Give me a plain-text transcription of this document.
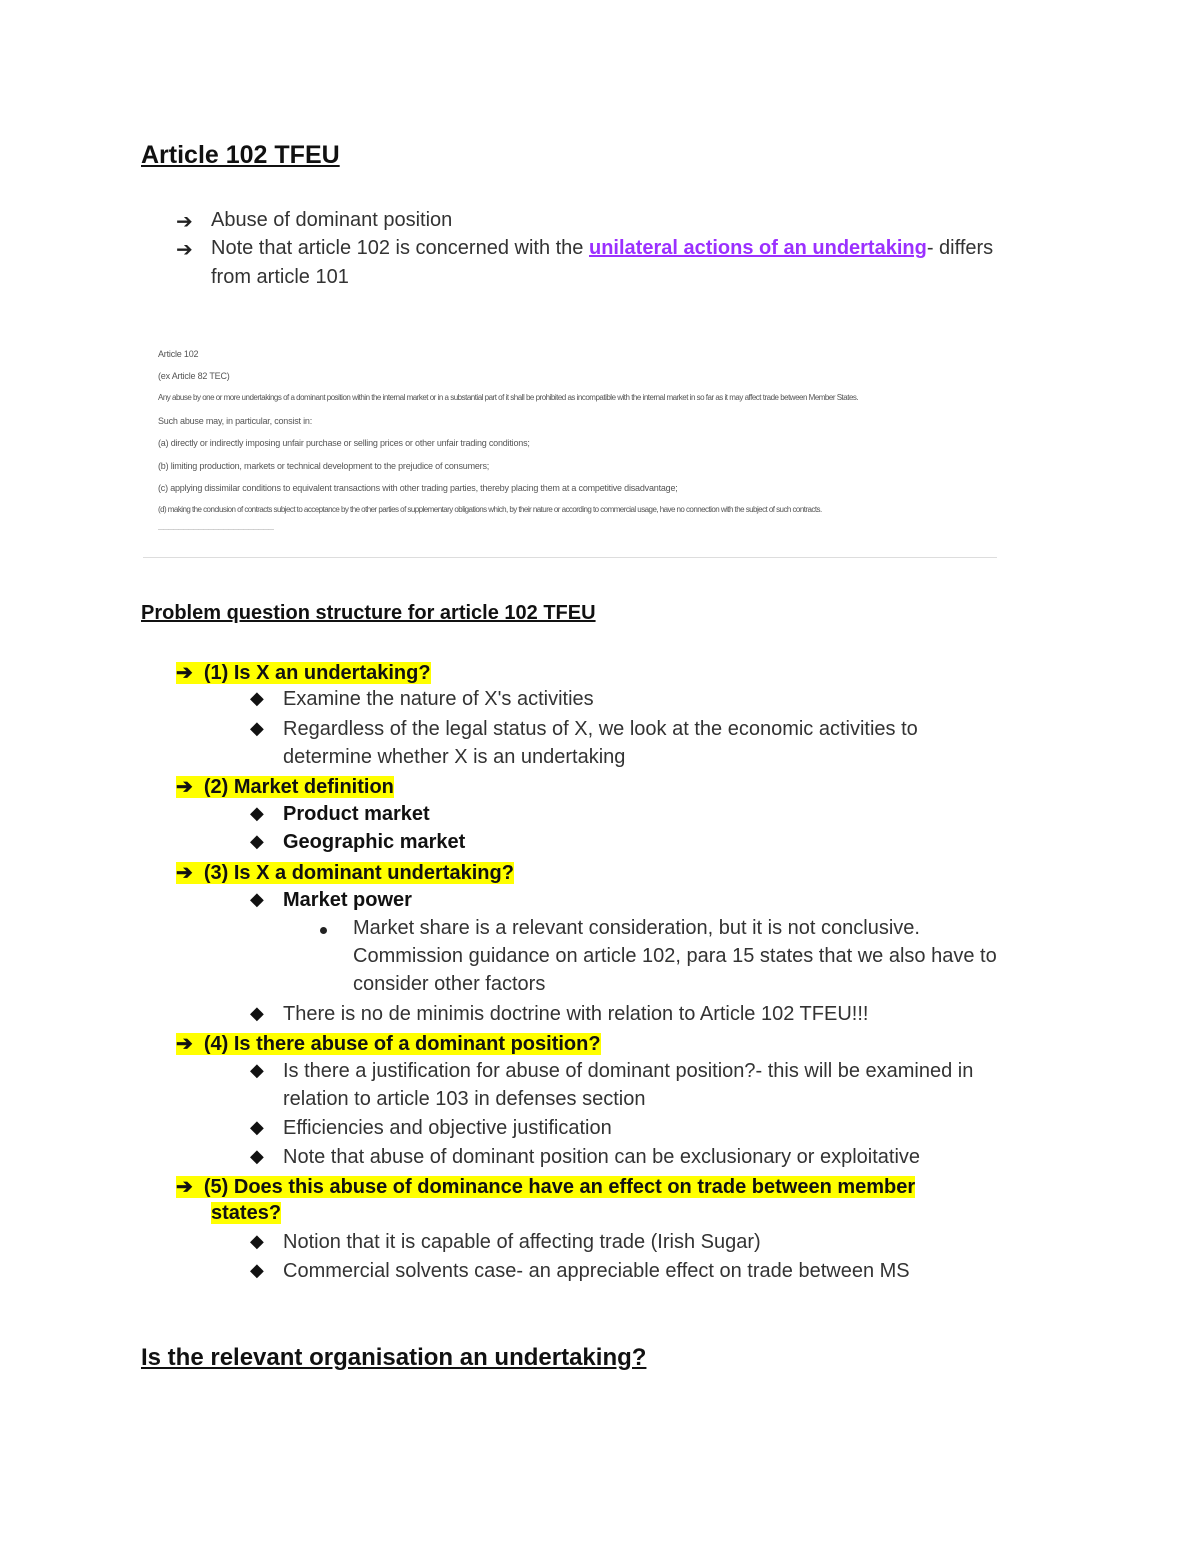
Article 102 TFEU
➔ Abuse of dominant position
➔ Note that article 102 is concerned with the unilateral actions of an undertaking- differs
from article 101
Article 102
(ex Article 82 TEC)
Any abuse by one or more undertakings of a dominant position within the internal market or in a substantial part of it shall be prohibited as incompatible with the internal market in so far as it may affect trade between Member States.
Such abuse may, in particular, consist in:
(a) directly or indirectly imposing unfair purchase or selling prices or other unfair trading conditions;
(b) limiting production, markets or technical development to the prejudice of consumers;
(c) applying dissimilar conditions to equivalent transactions with other trading parties, thereby placing them at a competitive disadvantage;
(d) making the conclusion of contracts subject to acceptance by the other parties of supplementary obligations which, by their nature or according to commercial usage, have no connection with the subject of such contracts.
———————————————————————
Problem question structure for article 102 TFEU
➔  (1) Is X an undertaking?
◆ Examine the nature of X's activities
◆ Regardless of the legal status of X, we look at the economic activities to
determine whether X is an undertaking
➔  (2) Market definition
◆ Product market
◆ Geographic market
➔  (3) Is X a dominant undertaking?
◆ Market power
Market share is a relevant consideration, but it is not conclusive.
Commission guidance on article 102, para 15 states that we also have to
consider other factors
◆ There is no de minimis doctrine with relation to Article 102 TFEU!!!
➔  (4) Is there abuse of a dominant position?
◆ Is there a justification for abuse of dominant position?- this will be examined in
relation to article 103 in defenses section
◆ Efficiencies and objective justification
◆ Note that abuse of dominant position can be exclusionary or exploitative
➔  (5) Does this abuse of dominance have an effect on trade between member
states?
◆ Notion that it is capable of affecting trade (Irish Sugar)
◆ Commercial solvents case- an appreciable effect on trade between MS
Is the relevant organisation an undertaking?
